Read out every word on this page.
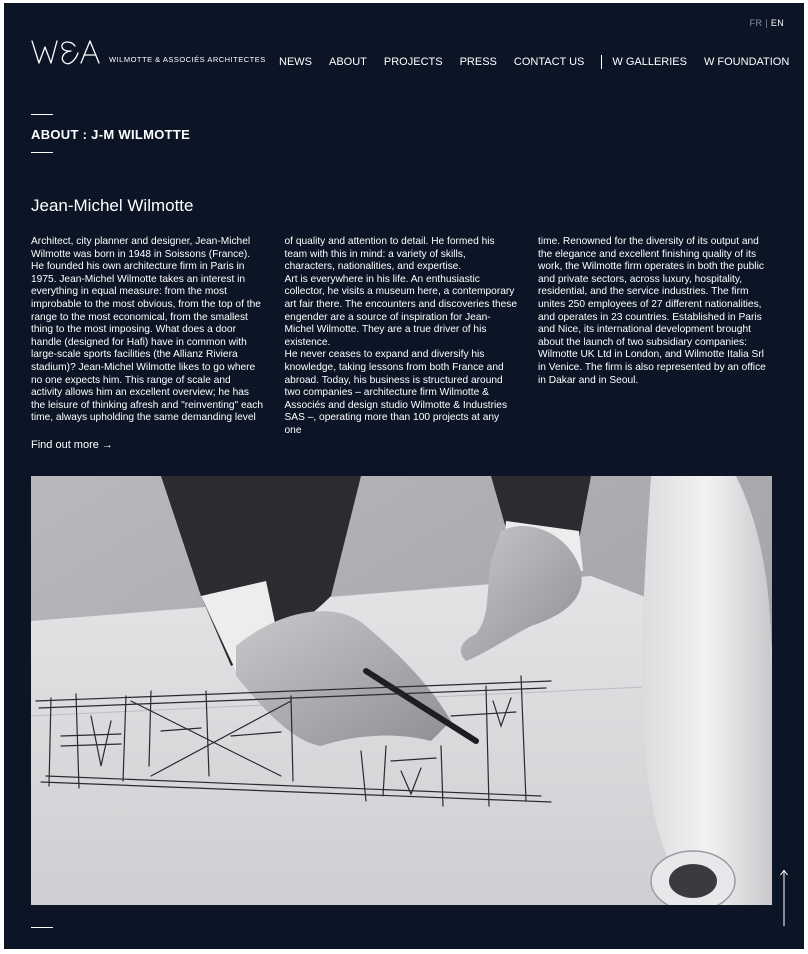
FR | EN
WILMOTTE & ASSOCIÉS ARCHITECTES NEWS ABOUT PROJECTS PRESS CONTACT US	W GALLERIES W FOUNDATION
ABOUT : J-M WILMOTTE
Jean-Michel Wilmotte

Architect, city planner and designer, Jean-Michel Wilmotte was born in 1948 in Soissons (France). He founded his own architecture firm in Paris in 1975. Jean-Michel Wilmotte takes an interest in everything in equal measure: from the most improbable to the most obvious, from the top of the range to the most economical, from the smallest thing to the most imposing. What does a door handle (designed for Hafi) have in common with large-scale sports facilities (the Allianz Riviera stadium)? Jean-Michel Wilmotte likes to go where no one expects him. This range of scale and activity allows him an excellent overview; he has the leisure of thinking afresh and "reinventing" each time, always upholding the same demanding level

of quality and attention to detail. He formed his team with this in mind: a variety of skills, characters, nationalities, and expertise.

Art is everywhere in his life. An enthusiastic collector, he visits a museum here, a contemporary art fair there. The encounters and discoveries these engender are a source of inspiration for Jean-Michel Wilmotte. They are a true driver of his existence.

He never ceases to expand and diversify his knowledge, taking lessons from both France and abroad. Today, his business is structured around two companies – architecture firm Wilmotte & Associés and design studio Wilmotte & Industries SAS –, operating more than 100 projects at any one

time. Renowned for the diversity of its output and the elegance and excellent finishing quality of its work, the Wilmotte firm operates in both the public and private sectors, across luxury, hospitality, residential, and the service industries. The firm unites 250 employees of 27 different nationalities, and operates in 23 countries. Established in Paris and Nice, its international development brought about the launch of two subsidiary companies: Wilmotte UK Ltd in London, and Wilmotte Italia Srl in Venice. The firm is also represented by an office in Dakar and in Seoul.

Find out more →
